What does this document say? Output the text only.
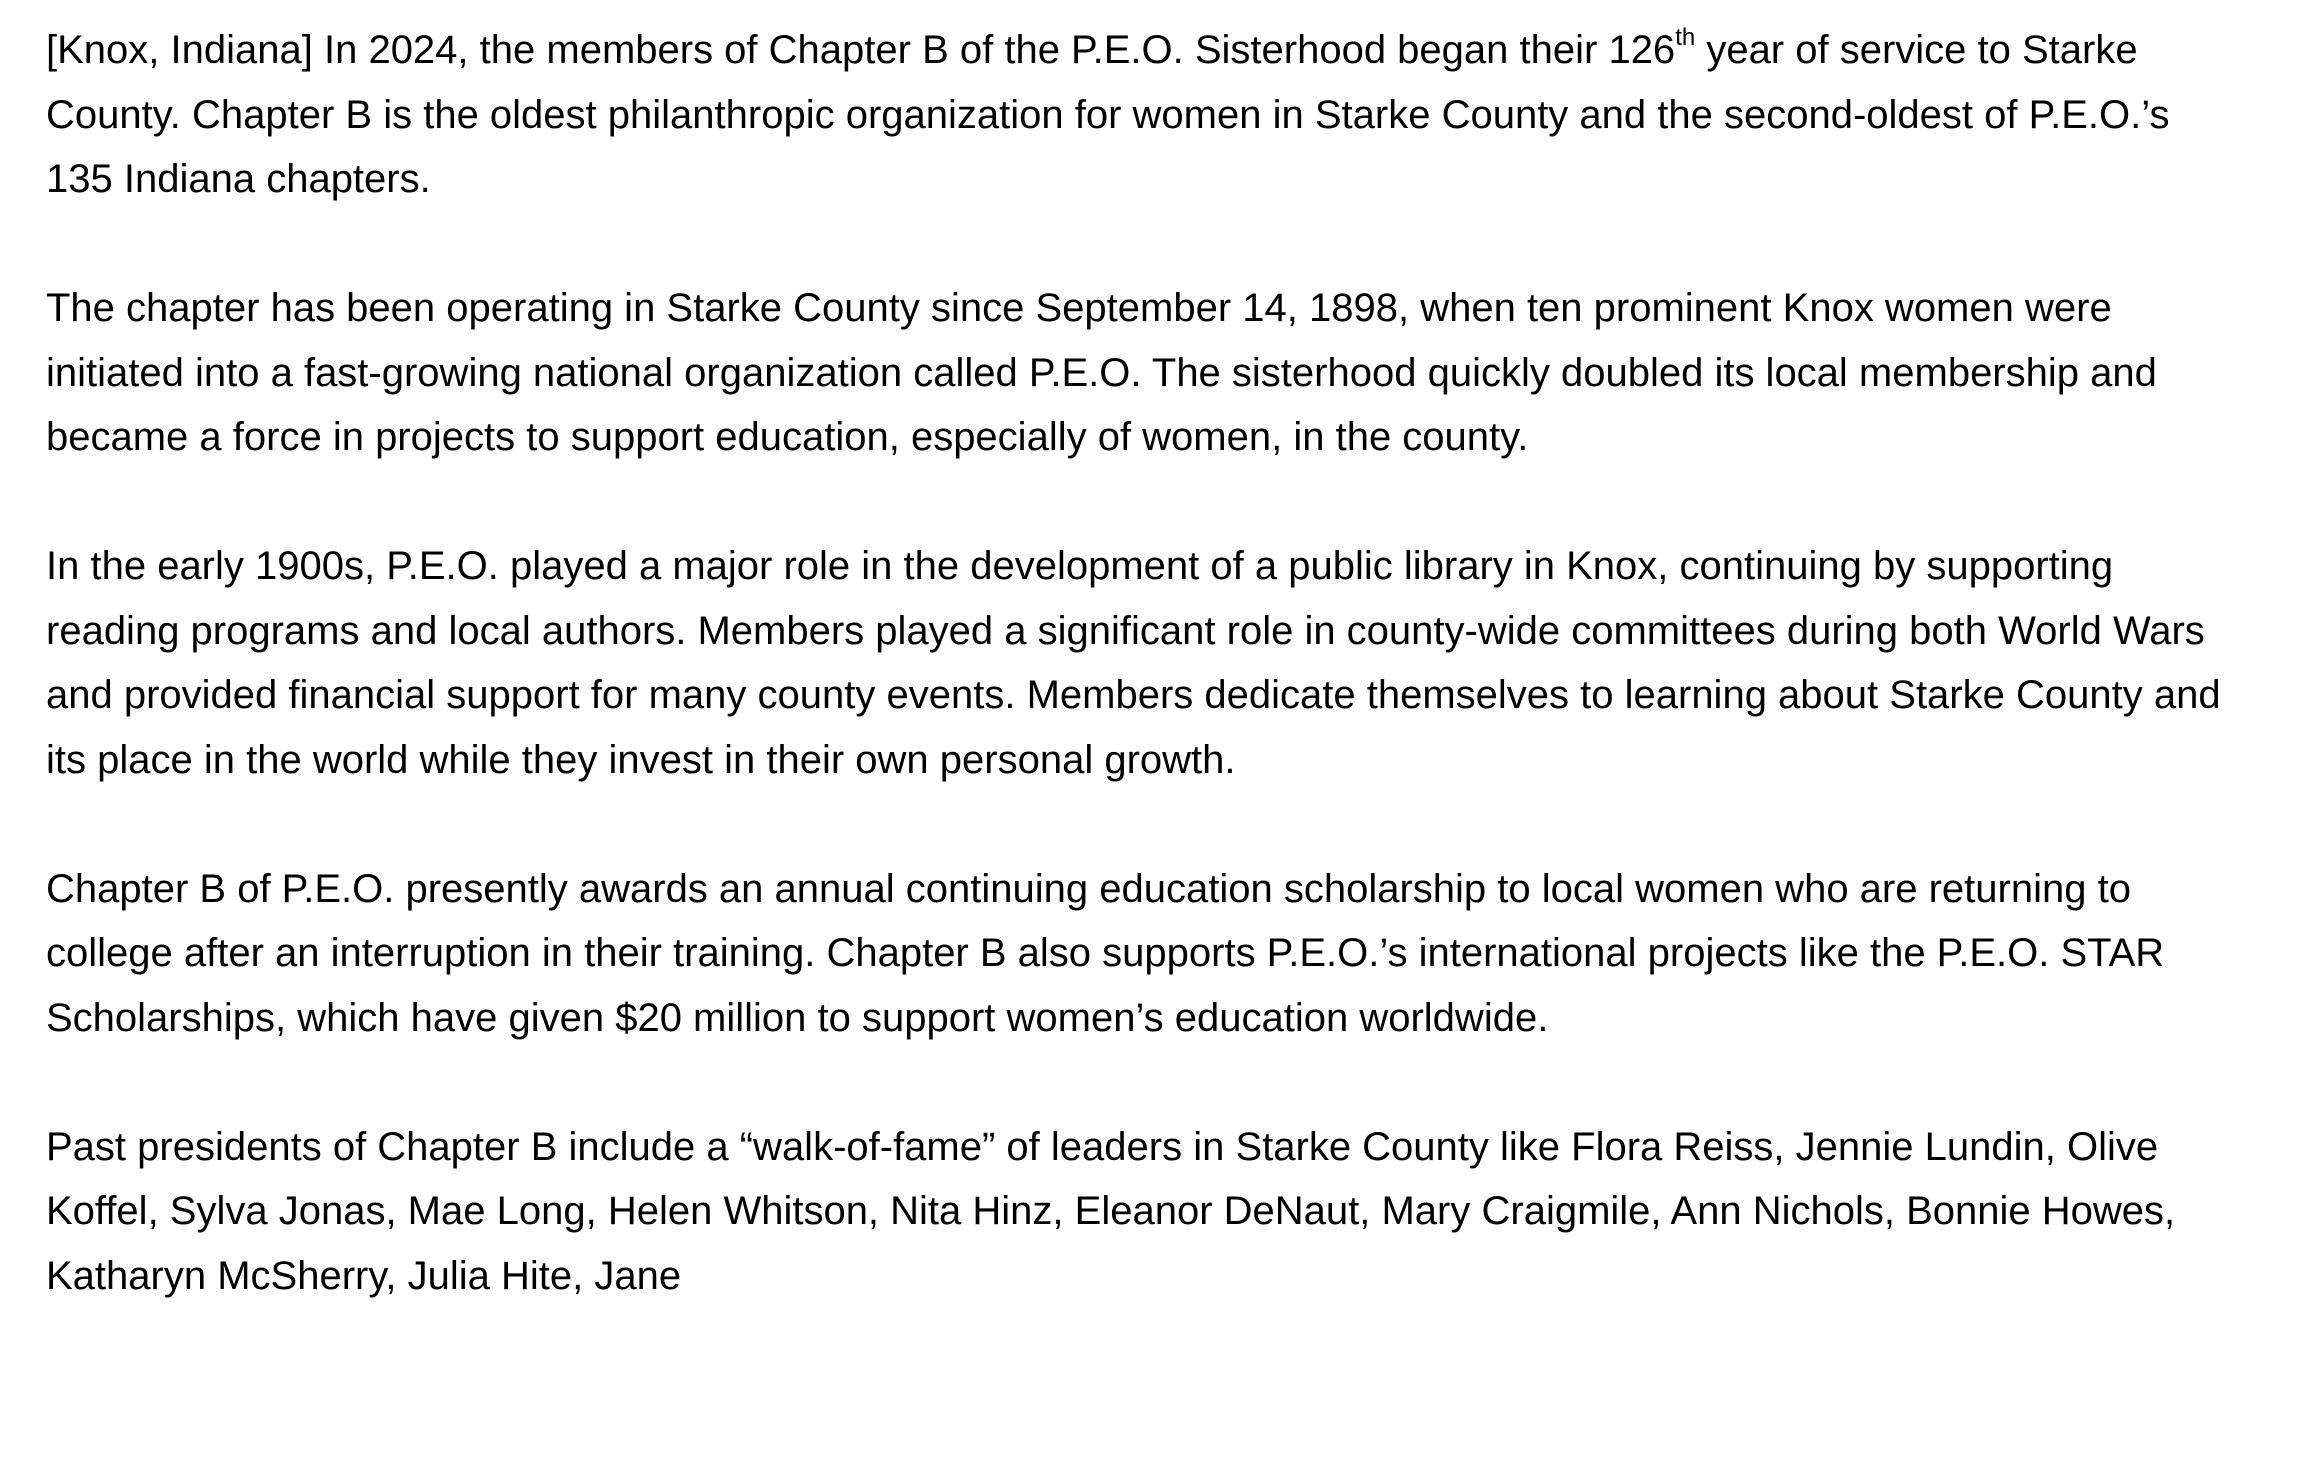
[Knox, Indiana] In 2024, the members of Chapter B of the P.E.O. Sisterhood began their 126th year of service to Starke County. Chapter B is the oldest philanthropic organization for women in Starke County and the second-oldest of P.E.O.’s 135 Indiana chapters.

The chapter has been operating in Starke County since September 14, 1898, when ten prominent Knox women were initiated into a fast-growing national organization called P.E.O. The sisterhood quickly doubled its local membership and became a force in projects to support education, especially of women, in the county.

In the early 1900s, P.E.O. played a major role in the development of a public library in Knox, continuing by supporting reading programs and local authors. Members played a significant role in county-wide committees during both World Wars and provided financial support for many county events. Members dedicate themselves to learning about Starke County and its place in the world while they invest in their own personal growth.

Chapter B of P.E.O. presently awards an annual continuing education scholarship to local women who are returning to college after an interruption in their training. Chapter B also supports P.E.O.’s international projects like the P.E.O. STAR Scholarships, which have given $20 million to support women’s education worldwide.

Past presidents of Chapter B include a “walk-of-fame” of leaders in Starke County like Flora Reiss, Jennie Lundin, Olive Koffel, Sylva Jonas, Mae Long, Helen Whitson, Nita Hinz, Eleanor DeNaut, Mary Craigmile, Ann Nichols, Bonnie Howes, Katharyn McSherry, Julia Hite, Jane
